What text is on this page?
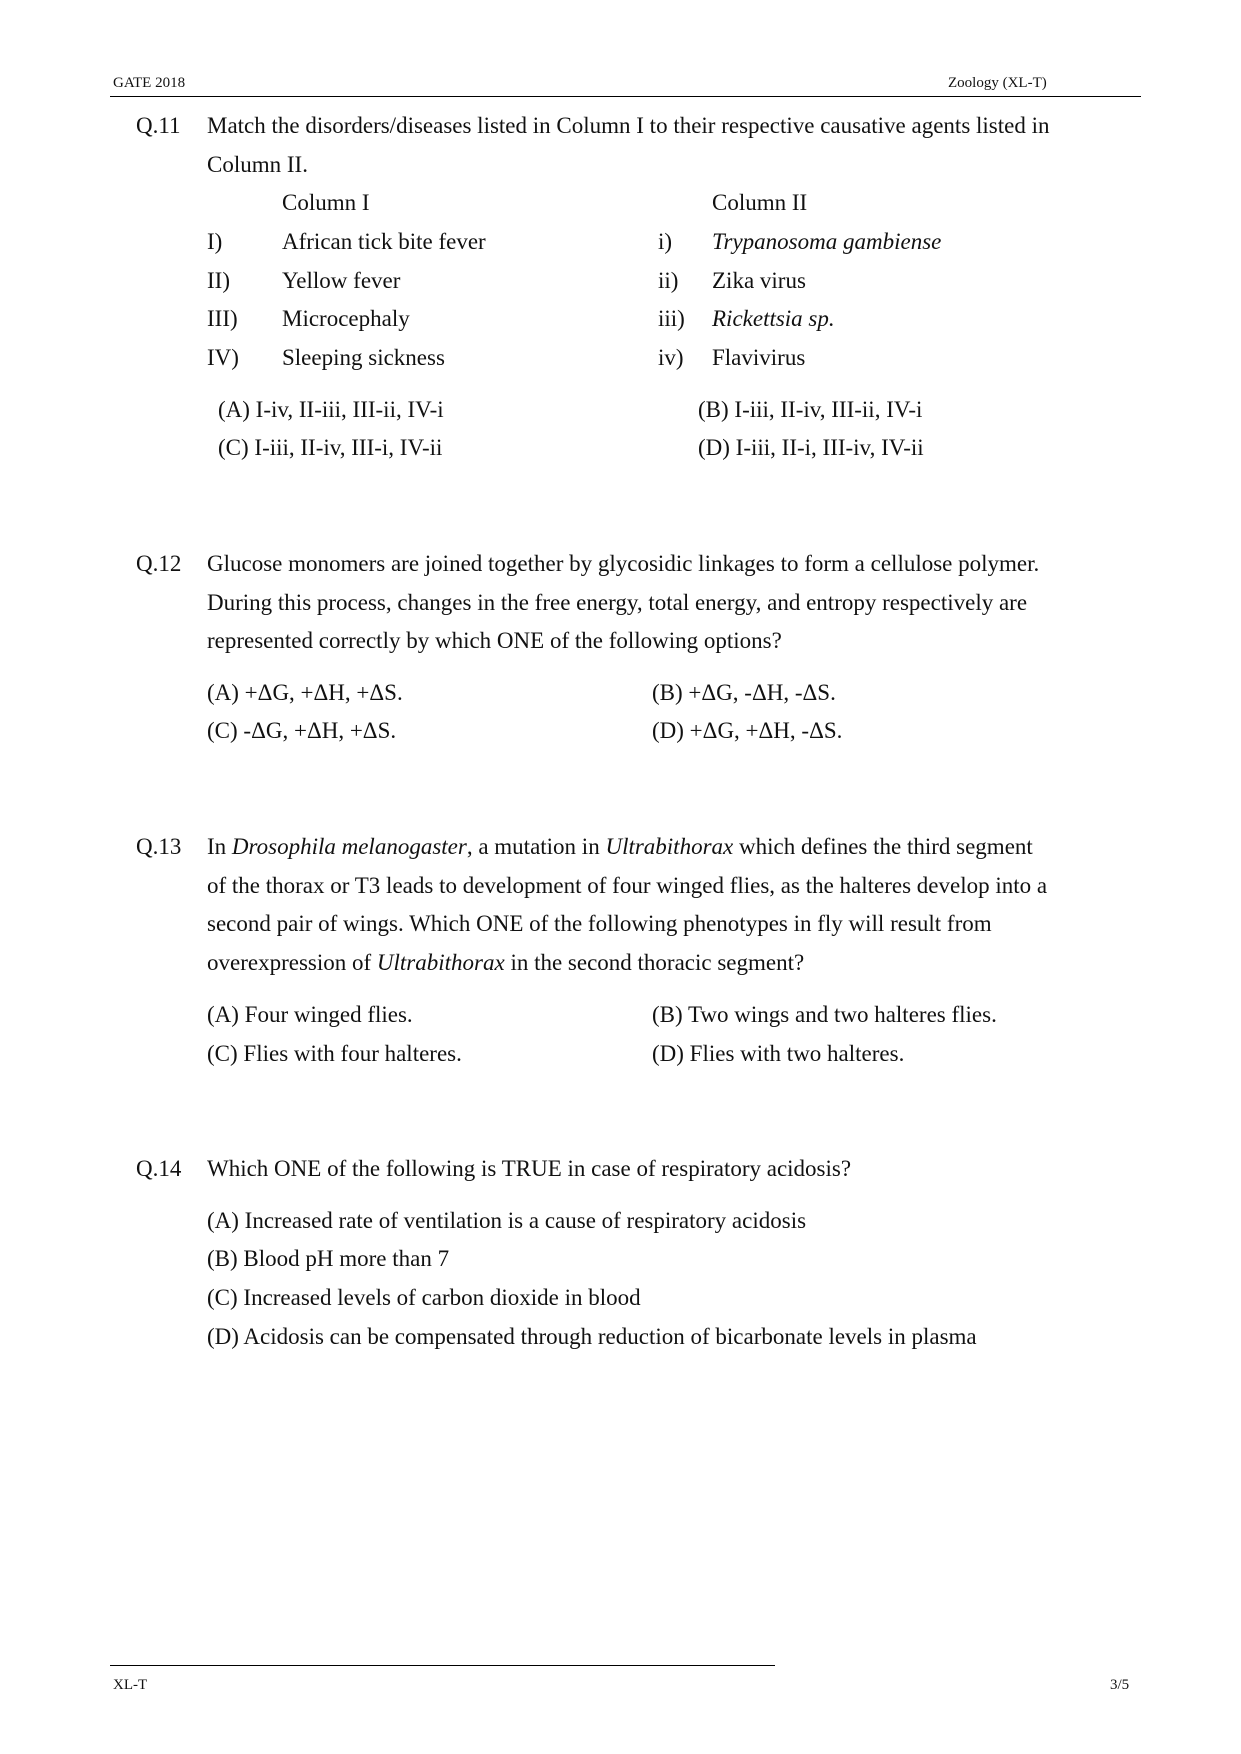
GATE 2018	Zoology (XL-T)
Q.11 Match the disorders/diseases listed in Column I to their respective causative agents listed in
Column II.
Column I	Column II
I)	African tick bite fever	i) Trypanosoma gambiense
II) Yellow fever	ii) Zika virus
III) Microcephaly	iii) Rickettsia sp.
IV) Sleeping sickness	iv) Flavivirus
(A) I-iv, II-iii, III-ii, IV-i	(B) I-iii, II-iv, III-ii, IV-i
(C) I-iii, II-iv, III-i, IV-ii	(D) I-iii, II-i, III-iv, IV-ii
Q.12 Glucose monomers are joined together by glycosidic linkages to form a cellulose polymer.
During this process, changes in the free energy, total energy, and entropy respectively are
represented correctly by which ONE of the following options?
(A) +ΔG, +ΔH, +ΔS.	(B) +ΔG, -ΔH, -ΔS.
(C) -ΔG, +ΔH, +ΔS.	(D) +ΔG, +ΔH, -ΔS.
Q.13 In Drosophila melanogaster, a mutation in Ultrabithorax which defines the third segment
of the thorax or T3 leads to development of four winged flies, as the halteres develop into a
second pair of wings. Which ONE of the following phenotypes in fly will result from
overexpression of Ultrabithorax in the second thoracic segment?
(A) Four winged flies.	(B) Two wings and two halteres flies.
(C) Flies with four halteres.	(D) Flies with two halteres.
Q.14 Which ONE of the following is TRUE in case of respiratory acidosis?
(A) Increased rate of ventilation is a cause of respiratory acidosis
(B) Blood pH more than 7
(C) Increased levels of carbon dioxide in blood
(D) Acidosis can be compensated through reduction of bicarbonate levels in plasma
XL-T	3/5
